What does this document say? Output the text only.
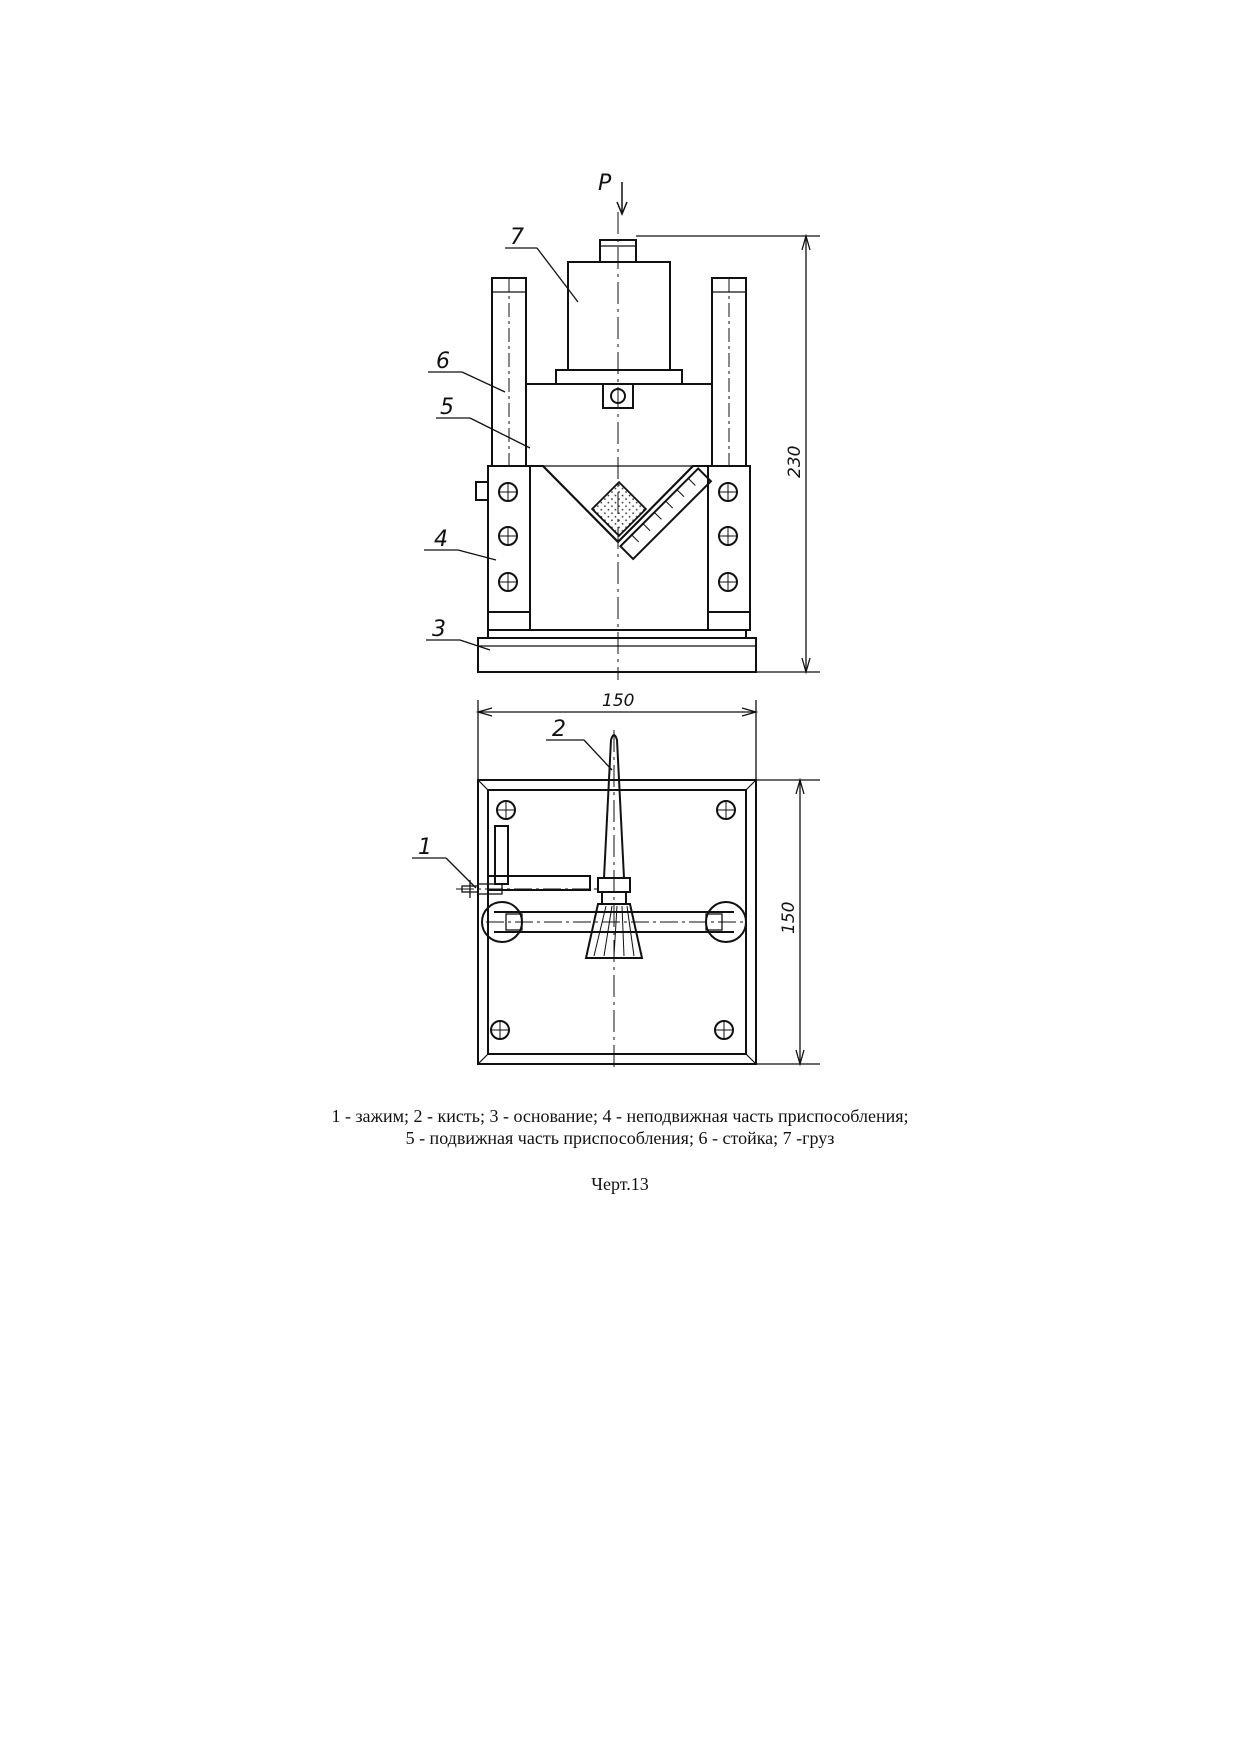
P
7
6
5
4
3
2
1
230
150
150
1 - зажим; 2 - кисть; 3 - основание; 4 - неподвижная часть приспособления;
5 - подвижная часть приспособления; 6 - стойка; 7 -груз
Черт.13
